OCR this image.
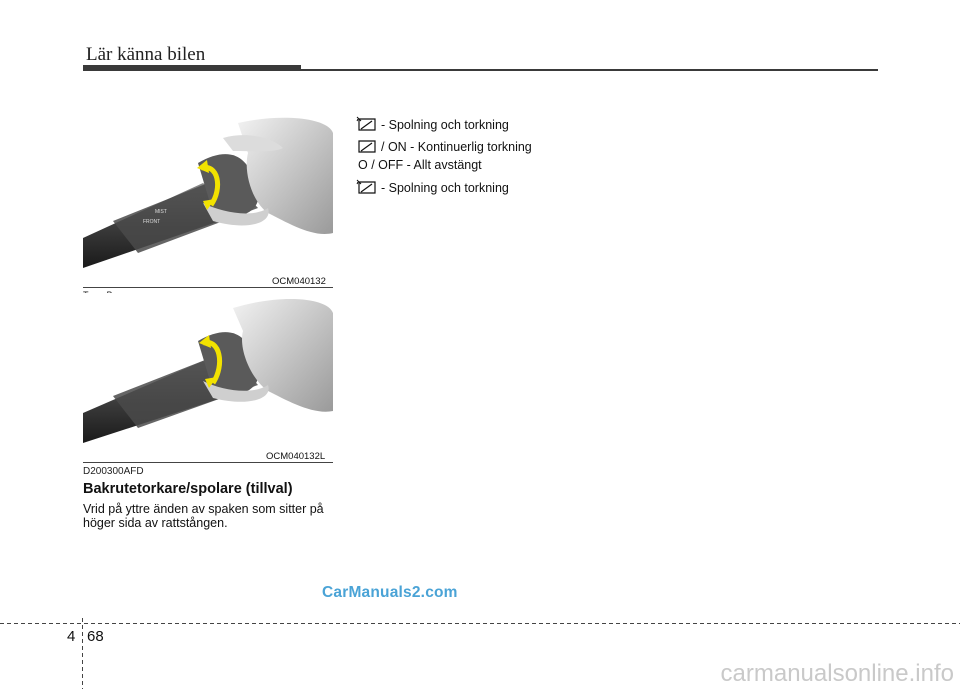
Lär känna bilen
FRONT
MIST
OCM040132
OCM040132L
D200300AFD
Bakrutetorkare/spolare (tillval)
Vrid på yttre änden av spaken som sitter på höger sida av rattstången.
- Spolning och torkning
/ ON - Kontinuerlig torkning
O / OFF - Allt avstängt
- Spolning och torkning
CarManuals2.com
4 68
carmanualsonline.info
